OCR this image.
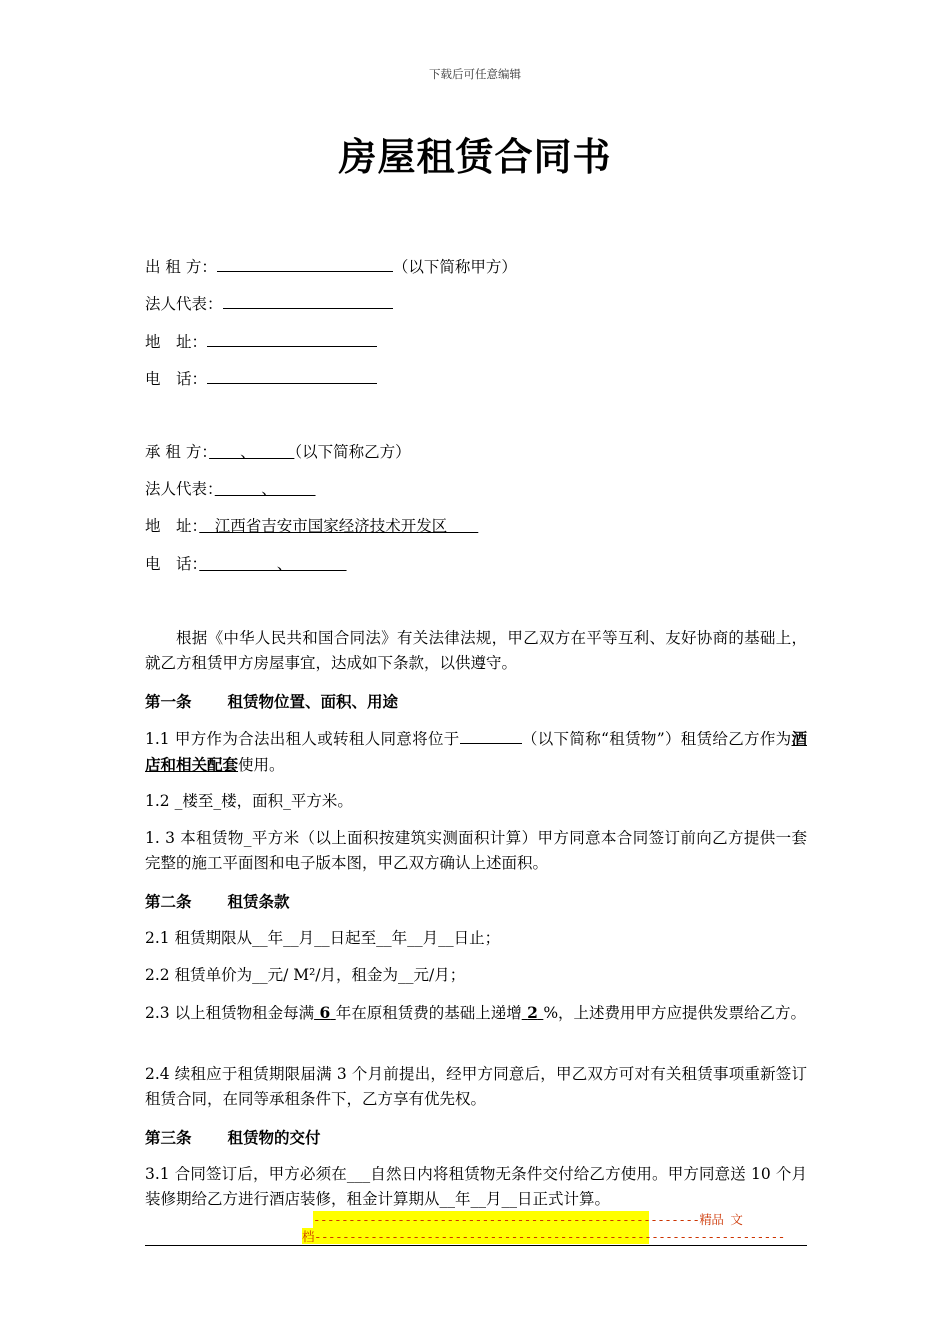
下载后可任意编辑
房屋租赁合同书
出 租 方：	（以下简称甲方）
法人代表：
地　址：
电　话：
承 租 方：　　、　　　（以下简称乙方）
法人代表：　　　、　　　
地　址：　江西省吉安市国家经济技术开发区　　
电　话：　　　　　、　　　　
根据《中华人民共和国合同法》有关法律法规，甲乙双方在平等互利、友好协商的基础上，就乙方租赁甲方房屋事宜，达成如下条款，以供遵守。
第一条 租赁物位置、面积、用途
1.1 甲方作为合法出租人或转租人同意将位于	（以下简称“租赁物”）租赁给乙方作为酒店和相关配套使用。
1.2 _楼至_楼，面积_平方米。
1. 3 本租赁物_平方米（以上面积按建筑实测面积计算）甲方同意本合同签订前向乙方提供一套完整的施工平面图和电子版本图，甲乙双方确认上述面积。
第二条 租赁条款
2.1 租赁期限从__年__月__日起至__年__月__日止；
2.2 租赁单价为__元/ M²/月，租金为__元/月；
2.3 以上租赁物租金每满 6 年在原租赁费的基础上递增 2 %，上述费用甲方应提供发票给乙方。
2.4 续租应于租赁期限届满 3 个月前提出，经甲方同意后，甲乙双方可对有关租赁事项重新签订租赁合同，在同等承租条件下，乙方享有优先权。
第三条 租赁物的交付
3.1 合同签订后，甲方必须在___自然日内将租赁物无条件交付给乙方使用。甲方同意送 10 个月装修期给乙方进行酒店装修，租金计算期从__年__月__日正式计算。
-------------------------------------------------------精品 文
档-------------------------------------------------------------------
